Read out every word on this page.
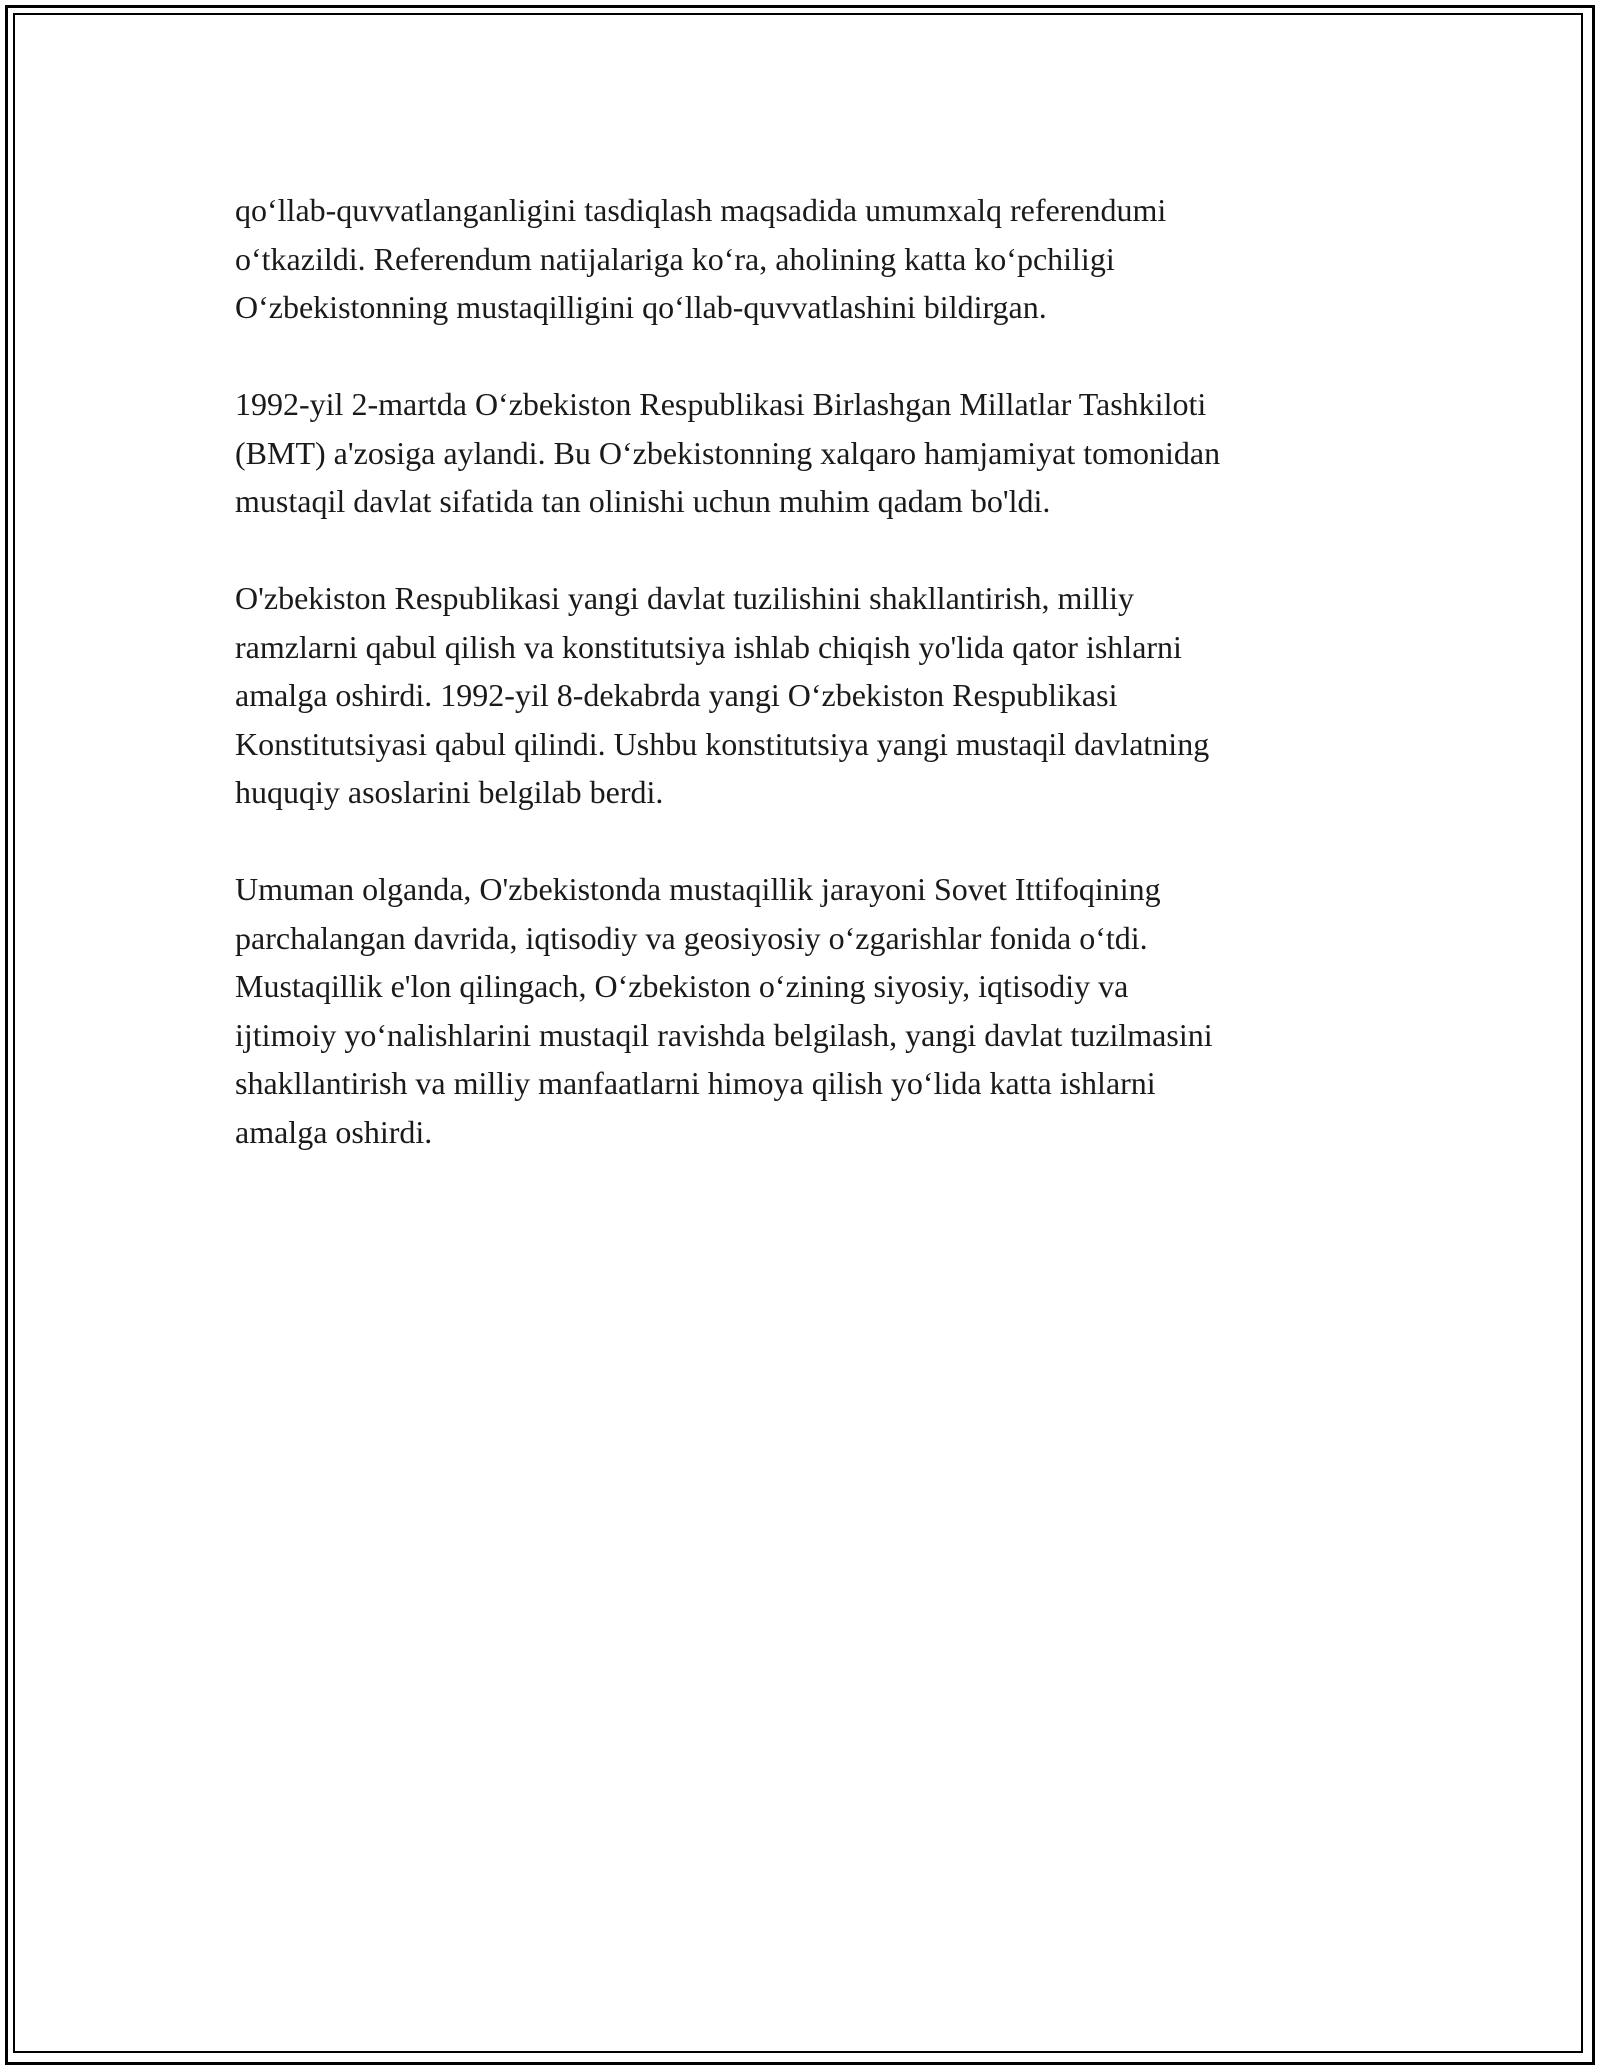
qo‘llab-quvvatlanganligini tasdiqlash maqsadida umumxalq referendumi
o‘tkazildi. Referendum natijalariga ko‘ra, aholining katta ko‘pchiligi
O‘zbekistonning mustaqilligini qo‘llab-quvvatlashini bildirgan.

1992-yil 2-martda O‘zbekiston Respublikasi Birlashgan Millatlar Tashkiloti
(BMT) a'zosiga aylandi. Bu O‘zbekistonning xalqaro hamjamiyat tomonidan
mustaqil davlat sifatida tan olinishi uchun muhim qadam bo'ldi.

O'zbekiston Respublikasi yangi davlat tuzilishini shakllantirish, milliy
ramzlarni qabul qilish va konstitutsiya ishlab chiqish yo'lida qator ishlarni
amalga oshirdi. 1992-yil 8-dekabrda yangi O‘zbekiston Respublikasi
Konstitutsiyasi qabul qilindi. Ushbu konstitutsiya yangi mustaqil davlatning
huquqiy asoslarini belgilab berdi.

Umuman olganda, O'zbekistonda mustaqillik jarayoni Sovet Ittifoqining
parchalangan davrida, iqtisodiy va geosiyosiy o‘zgarishlar fonida o‘tdi.
Mustaqillik e'lon qilingach, O‘zbekiston o‘zining siyosiy, iqtisodiy va
ijtimoiy yo‘nalishlarini mustaqil ravishda belgilash, yangi davlat tuzilmasini
shakllantirish va milliy manfaatlarni himoya qilish yo‘lida katta ishlarni
amalga oshirdi.
